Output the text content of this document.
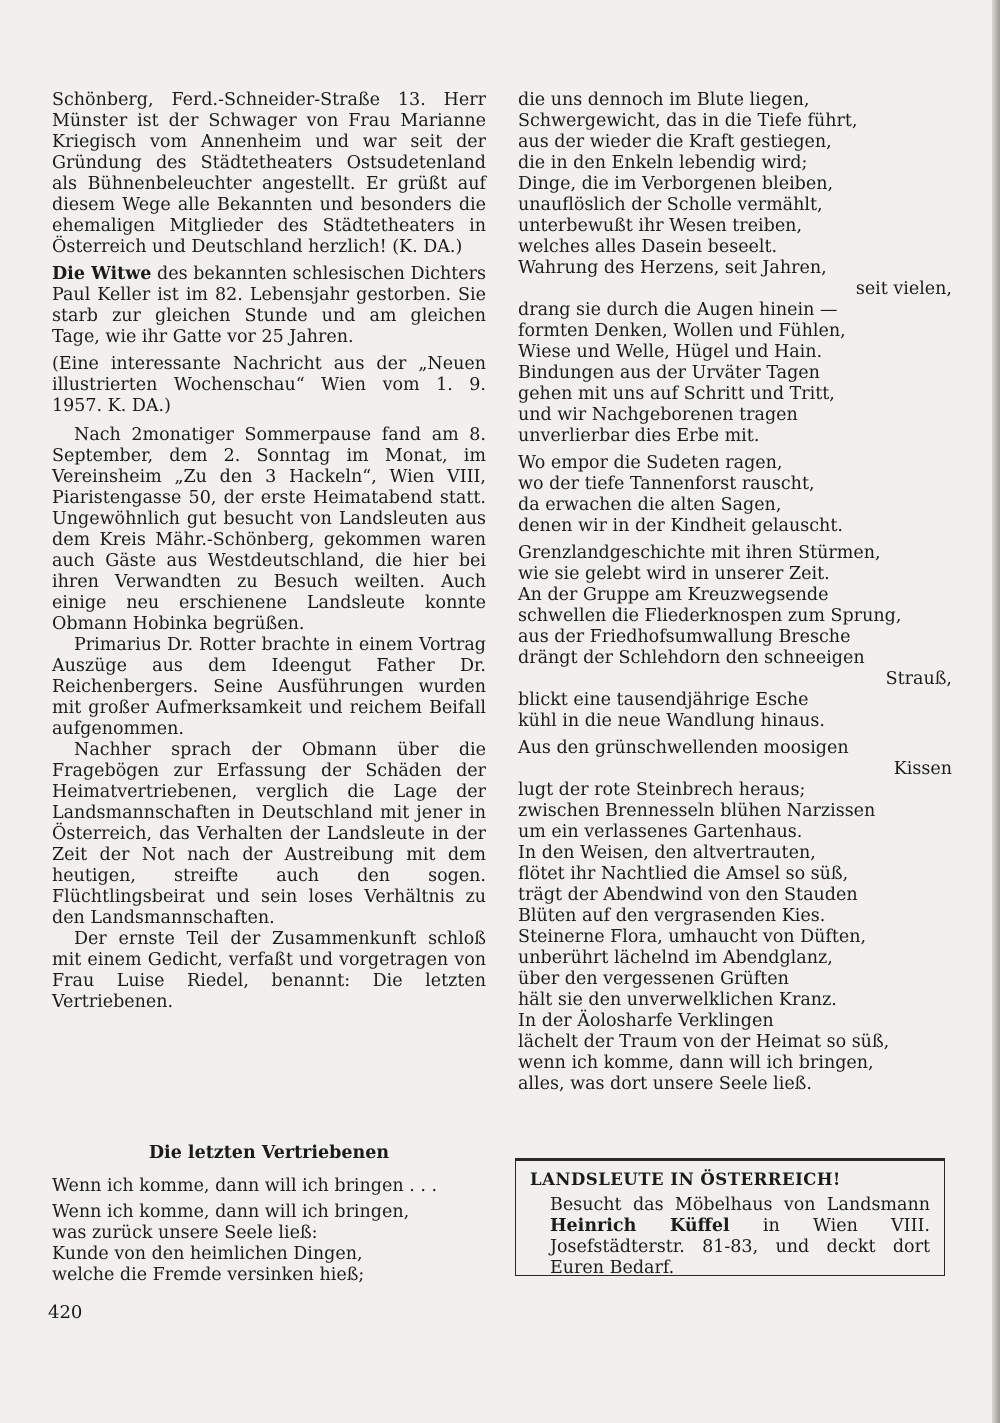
Schönberg, Ferd.-Schneider-Straße 13. Herr Münster ist der Schwager von Frau Marianne Kriegisch vom Annenheim und war seit der Gründung des Städtetheaters Ostsudetenland als Bühnenbeleuchter angestellt. Er grüßt auf diesem Wege alle Bekannten und besonders die ehemaligen Mitglieder des Städtetheaters in Österreich und Deutschland herzlich! (K. DA.)

Die Witwe des bekannten schlesischen Dichters Paul Keller ist im 82. Lebensjahr gestorben. Sie starb zur gleichen Stunde und am gleichen Tage, wie ihr Gatte vor 25 Jahren.

(Eine interessante Nachricht aus der „Neuen illustrierten Wochenschau“ Wien vom 1. 9. 1957. K. DA.)

Nach 2monatiger Sommerpause fand am 8. September, dem 2. Sonntag im Monat, im Vereinsheim „Zu den 3 Hackeln“, Wien VIII, Piaristengasse 50, der erste Heimatabend statt. Ungewöhnlich gut besucht von Landsleuten aus dem Kreis Mähr.-Schönberg, gekommen waren auch Gäste aus Westdeutschland, die hier bei ihren Verwandten zu Besuch weilten. Auch einige neu erschienene Landsleute konnte Obmann Hobinka begrüßen.

Primarius Dr. Rotter brachte in einem Vortrag Auszüge aus dem Ideengut Father Dr. Reichenbergers. Seine Ausführungen wurden mit großer Aufmerksamkeit und reichem Beifall aufgenommen.

Nachher sprach der Obmann über die Fragebögen zur Erfassung der Schäden der Heimatvertriebenen, verglich die Lage der Landsmannschaften in Deutschland mit jener in Österreich, das Verhalten der Landsleute in der Zeit der Not nach der Austreibung mit dem heutigen, streifte auch den sogen. Flüchtlingsbeirat und sein loses Verhältnis zu den Landsmannschaften.

Der ernste Teil der Zusammenkunft schloß mit einem Gedicht, verfaßt und vorgetragen von Frau Luise Riedel, benannt: Die letzten Vertriebenen.

Die letzten Vertriebenen

Wenn ich komme, dann will ich bringen . . .

Wenn ich komme, dann will ich bringen,
was zurück unsere Seele ließ:
Kunde von den heimlichen Dingen,
welche die Fremde versinken hieß;

die uns dennoch im Blute liegen,
Schwergewicht, das in die Tiefe führt,
aus der wieder die Kraft gestiegen,
die in den Enkeln lebendig wird;
Dinge, die im Verborgenen bleiben,
unauflöslich der Scholle vermählt,
unterbewußt ihr Wesen treiben,
welches alles Dasein beseelt.
Wahrung des Herzens, seit Jahren,

seit vielen,

drang sie durch die Augen hinein —
formten Denken, Wollen und Fühlen,
Wiese und Welle, Hügel und Hain.
Bindungen aus der Urväter Tagen
gehen mit uns auf Schritt und Tritt,
und wir Nachgeborenen tragen
unverlierbar dies Erbe mit.

Wo empor die Sudeten ragen,
wo der tiefe Tannenforst rauscht,
da erwachen die alten Sagen,
denen wir in der Kindheit gelauscht.

Grenzlandgeschichte mit ihren Stürmen,
wie sie gelebt wird in unserer Zeit.
An der Gruppe am Kreuzwegsende
schwellen die Fliederknospen zum Sprung,
aus der Friedhofsumwallung Bresche
drängt der Schlehdorn den schneeigen

Strauß,

blickt eine tausendjährige Esche
kühl in die neue Wandlung hinaus.

Aus den grünschwellenden moosigen

Kissen

lugt der rote Steinbrech heraus;
zwischen Brennesseln blühen Narzissen
um ein verlassenes Gartenhaus.
In den Weisen, den altvertrauten,
flötet ihr Nachtlied die Amsel so süß,
trägt der Abendwind von den Stauden
Blüten auf den vergrasenden Kies.
Steinerne Flora, umhaucht von Düften,
unberührt lächelnd im Abendglanz,
über den vergessenen Grüften
hält sie den unverwelklichen Kranz.
In der Äolosharfe Verklingen
lächelt der Traum von der Heimat so süß,
wenn ich komme, dann will ich bringen,
alles, was dort unsere Seele ließ.

LANDSLEUTE IN ÖSTERREICH!
Besucht das Möbelhaus von Landsmann Heinrich Küffel in Wien VIII. Josefstädterstr. 81-83, und deckt dort Euren Bedarf.
420
